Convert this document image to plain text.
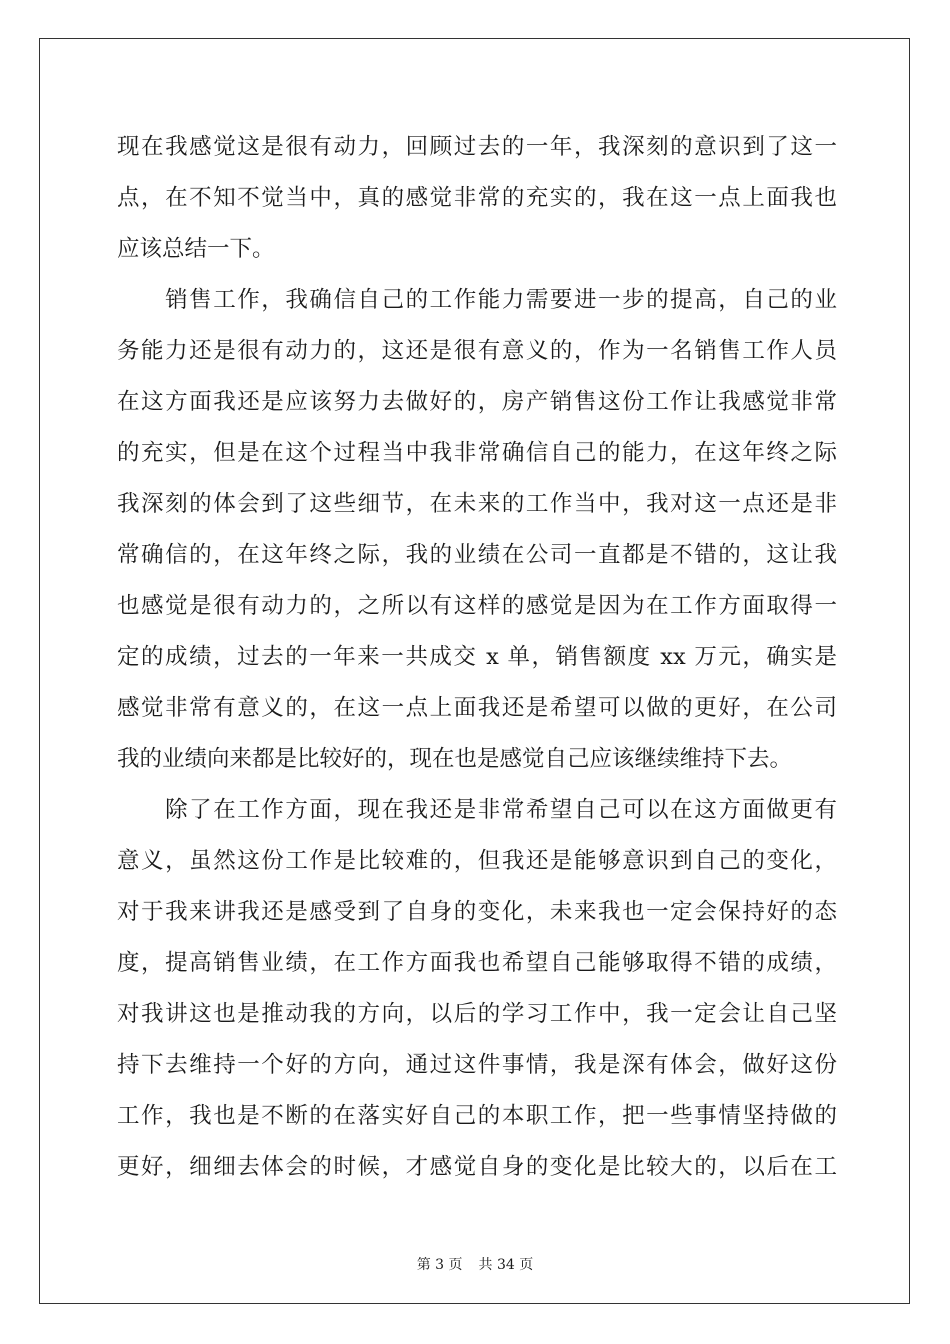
现在我感觉这是很有动力，回顾过去的一年，我深刻的意识到了这一
点，在不知不觉当中，真的感觉非常的充实的，我在这一点上面我也
应该总结一下。
　　销售工作，我确信自己的工作能力需要进一步的提高，自己的业
务能力还是很有动力的，这还是很有意义的，作为一名销售工作人员
在这方面我还是应该努力去做好的，房产销售这份工作让我感觉非常
的充实，但是在这个过程当中我非常确信自己的能力，在这年终之际
我深刻的体会到了这些细节，在未来的工作当中，我对这一点还是非
常确信的，在这年终之际，我的业绩在公司一直都是不错的，这让我
也感觉是很有动力的，之所以有这样的感觉是因为在工作方面取得一
定的成绩，过去的一年来一共成交 x 单，销售额度 xx 万元，确实是
感觉非常有意义的，在这一点上面我还是希望可以做的更好，在公司
我的业绩向来都是比较好的，现在也是感觉自己应该继续维持下去。
　　除了在工作方面，现在我还是非常希望自己可以在这方面做更有
意义，虽然这份工作是比较难的，但我还是能够意识到自己的变化，
对于我来讲我还是感受到了自身的变化，未来我也一定会保持好的态
度，提高销售业绩，在工作方面我也希望自己能够取得不错的成绩，
对我讲这也是推动我的方向，以后的学习工作中，我一定会让自己坚
持下去维持一个好的方向，通过这件事情，我是深有体会，做好这份
工作，我也是不断的在落实好自己的本职工作，把一些事情坚持做的
更好，细细去体会的时候，才感觉自身的变化是比较大的，以后在工
第 3 页 共 34 页
